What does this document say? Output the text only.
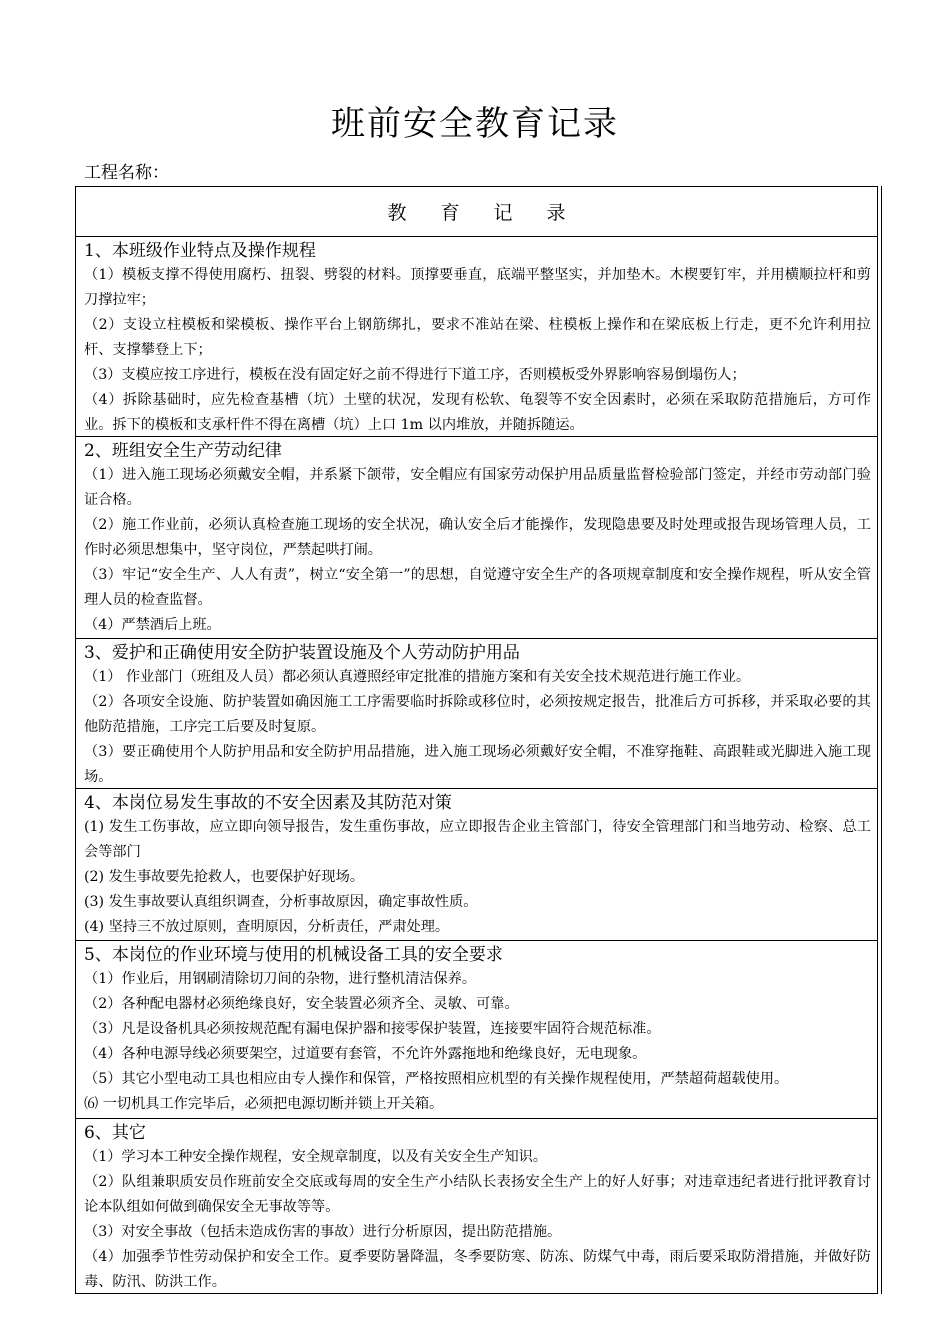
班前安全教育记录
工程名称：
教育记录
1、本班级作业特点及操作规程
（1）模板支撑不得使用腐朽、扭裂、劈裂的材料。顶撑要垂直，底端平整坚实，并加垫木。木楔要钉牢，并用横顺拉杆和剪刀撑拉牢；
（2）支设立柱模板和梁模板、操作平台上钢筋绑扎，要求不准站在梁、柱模板上操作和在梁底板上行走，更不允许利用拉杆、支撑攀登上下；
（3）支模应按工序进行，模板在没有固定好之前不得进行下道工序，否则模板受外界影响容易倒塌伤人；
（4）拆除基础时，应先检查基槽（坑）土壁的状况，发现有松软、龟裂等不安全因素时，必须在采取防范措施后，方可作业。拆下的模板和支承杆件不得在离槽（坑）上口 1m 以内堆放，并随拆随运。
2、班组安全生产劳动纪律
（1）进入施工现场必须戴安全帽，并系紧下颌带，安全帽应有国家劳动保护用品质量监督检验部门签定，并经市劳动部门验证合格。
（2）施工作业前，必须认真检查施工现场的安全状况，确认安全后才能操作，发现隐患要及时处理或报告现场管理人员，工作时必须思想集中，坚守岗位，严禁起哄打闹。
（3）牢记“安全生产、人人有责”，树立“安全第一”的思想，自觉遵守安全生产的各项规章制度和安全操作规程，听从安全管理人员的检查监督。
（4）严禁酒后上班。
3、爱护和正确使用安全防护装置设施及个人劳动防护用品
（1） 作业部门（班组及人员）都必须认真遵照经审定批准的措施方案和有关安全技术规范进行施工作业。
（2）各项安全设施、防护装置如确因施工工序需要临时拆除或移位时，必须按规定报告，批准后方可拆移，并采取必要的其他防范措施，工序完工后要及时复原。
（3）要正确使用个人防护用品和安全防护用品措施，进入施工现场必须戴好安全帽，不准穿拖鞋、高跟鞋或光脚进入施工现场。
4、本岗位易发生事故的不安全因素及其防范对策
(1) 发生工伤事故，应立即向领导报告，发生重伤事故，应立即报告企业主管部门，待安全管理部门和当地劳动、检察、总工会等部门
(2) 发生事故要先抢救人，也要保护好现场。
(3) 发生事故要认真组织调查，分析事故原因，确定事故性质。
(4) 坚持三不放过原则，查明原因，分析责任，严肃处理。
5、本岗位的作业环境与使用的机械设备工具的安全要求
（1）作业后，用钢刷清除切刀间的杂物，进行整机清洁保养。
（2）各种配电器材必须绝缘良好，安全装置必须齐全、灵敏、可靠。
（3）凡是设备机具必须按规范配有漏电保护器和接零保护装置，连接要牢固符合规范标准。
（4）各种电源导线必须要架空，过道要有套管，不允许外露拖地和绝缘良好，无电现象。
（5）其它小型电动工具也相应由专人操作和保管，严格按照相应机型的有关操作规程使用，严禁超荷超载使用。
⑹ 一切机具工作完毕后，必须把电源切断并锁上开关箱。
6、其它
（1）学习本工种安全操作规程，安全规章制度，以及有关安全生产知识。
（2）队组兼职质安员作班前安全交底或每周的安全生产小结队长表扬安全生产上的好人好事；对违章违纪者进行批评教育讨论本队组如何做到确保安全无事故等等。
（3）对安全事故（包括未造成伤害的事故）进行分析原因，提出防范措施。
（4）加强季节性劳动保护和安全工作。夏季要防暑降温，冬季要防寒、防冻、防煤气中毒，雨后要采取防滑措施，并做好防毒、防汛、防洪工作。
